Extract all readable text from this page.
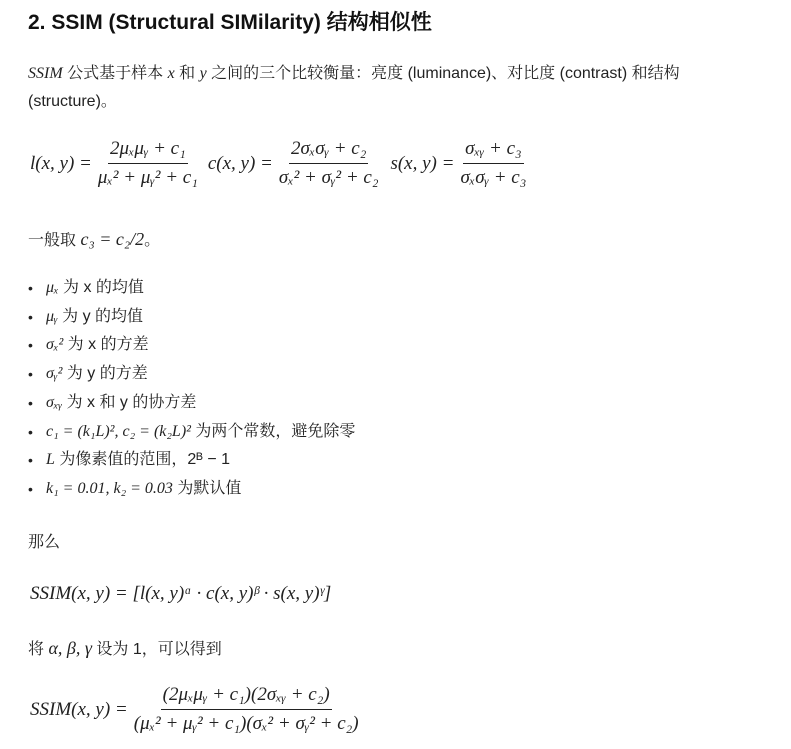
2. SSIM (Structural SIMilarity) 结构相似性
SSIM 公式基于样本 x 和 y 之间的三个比较衡量：亮度 (luminance)、对比度 (contrast) 和结构
(structure)。
l(x, $y) = \frac{\text{2μₓμᵧ + c₁}}{\text{μₓ² + μᵧ² + c₁}} c(x$, $y) = \frac{\text{2σₓσᵧ + c₂}}{\text{σₓ² + σᵧ² + c₂}} s(x$, $y) = \frac{\text{σₓᵧ + c₃}}{\text{σₓσᵧ + c₃}}$
一般取 c₃ = c₂/2。
• μₓ 为 x 的均值
• μᵧ 为 y 的均值
• σₓ² 为 x 的方差
• σᵧ² 为 y 的方差
• σₓᵧ 为 x 和 y 的协方差
• c₁ = (k₁L)², c₂ = (k₂L)² 为两个常数，避免除零
• L 为像素值的范围，2ᴮ − 1
• k₁ = 0.01, k₂ = 0.03 为默认值
那么
SSIM(x, y) = [l(x, y)ᵅ · c(x, y)ᵝ · s(x, y)ᵞ]
将 α, β, γ 设为 1，可以得到
SSIM(x, $y) = \frac{\text{(2μₓμᵧ + c₁)(2σₓᵧ + c₂)}}{\text{(μₓ² + μᵧ² + c₁)(σₓ² + σᵧ² + c₂)}}$
